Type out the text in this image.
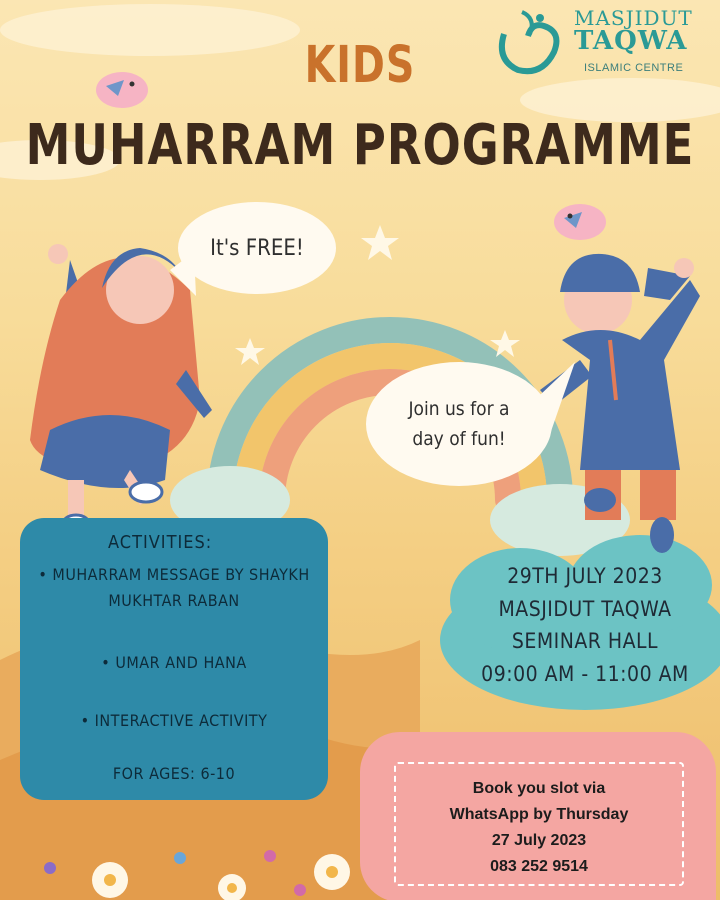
MASJIDUT
TAQWA
ISLAMIC CENTRE
KIDS
MUHARRAM PROGRAMME
It's FREE!
Join us for a
day of fun!
ACTIVITIES:
• MUHARRAM MESSAGE BY SHAYKH MUKHTAR RABAN
• UMAR AND HANA
• INTERACTIVE ACTIVITY
FOR AGES: 6-10
29TH JULY 2023
MASJIDUT TAQWA
SEMINAR HALL
09:00 AM - 11:00 AM
Book you slot via
WhatsApp by Thursday
27 July 2023
083 252 9514
